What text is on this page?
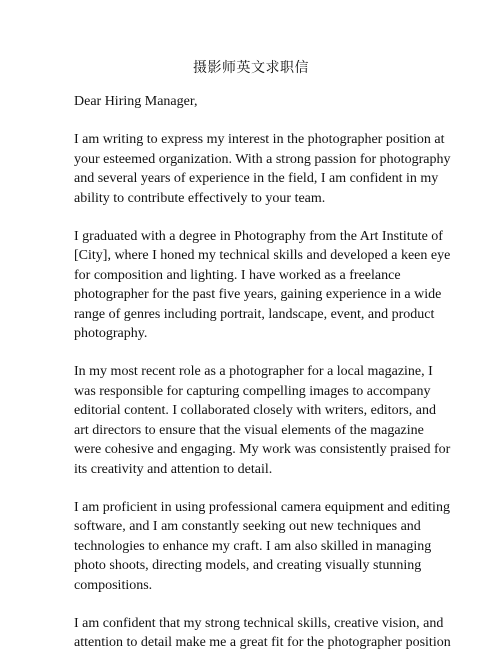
摄影师英文求职信

Dear Hiring Manager,

I am writing to express my interest in the photographer position at
your esteemed organization. With a strong passion for photography
and several years of experience in the field, I am confident in my
ability to contribute effectively to your team.

I graduated with a degree in Photography from the Art Institute of
[City], where I honed my technical skills and developed a keen eye
for composition and lighting. I have worked as a freelance
photographer for the past five years, gaining experience in a wide
range of genres including portrait, landscape, event, and product
photography.

In my most recent role as a photographer for a local magazine, I
was responsible for capturing compelling images to accompany
editorial content. I collaborated closely with writers, editors, and
art directors to ensure that the visual elements of the magazine
were cohesive and engaging. My work was consistently praised for
its creativity and attention to detail.

I am proficient in using professional camera equipment and editing
software, and I am constantly seeking out new techniques and
technologies to enhance my craft. I am also skilled in managing
photo shoots, directing models, and creating visually stunning
compositions.

I am confident that my strong technical skills, creative vision, and
attention to detail make me a great fit for the photographer position
